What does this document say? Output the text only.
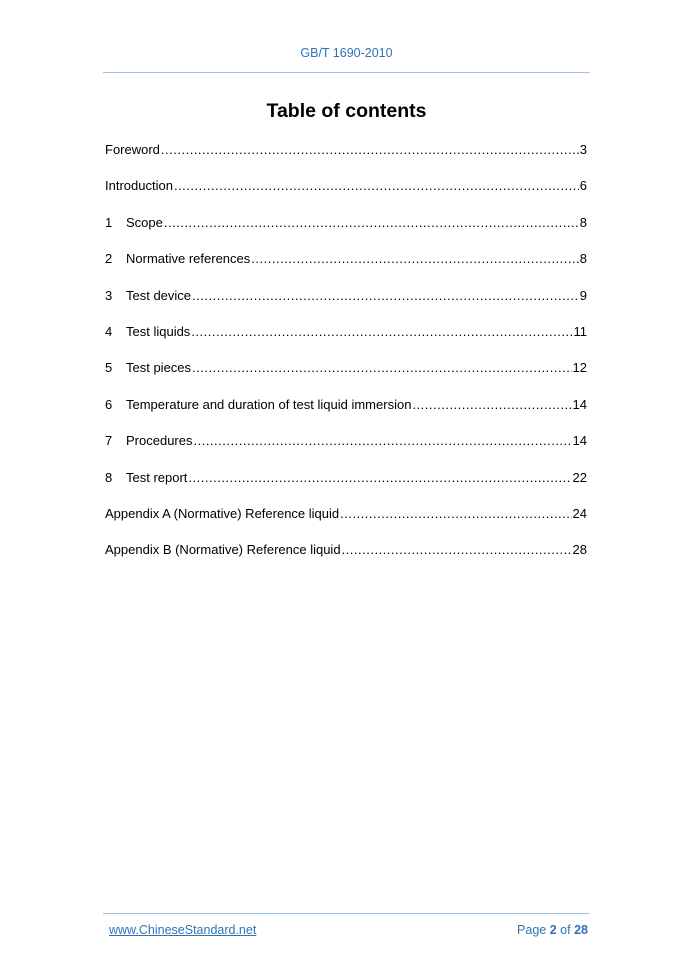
GB/T 1690-2010
Table of contents
Foreword .....	3
Introduction .....	6
1	Scope .....	8
2	Normative references .....	8
3	Test device .....	9
4	Test liquids .....	11
5	Test pieces .....	12
6	Temperature and duration of test liquid immersion .....	14
7	Procedures .....	14
8	Test report .....	22
Appendix A (Normative) Reference liquid .....	24
Appendix B (Normative) Reference liquid .....	28
www.ChineseStandard.net	Page 2 of 28
